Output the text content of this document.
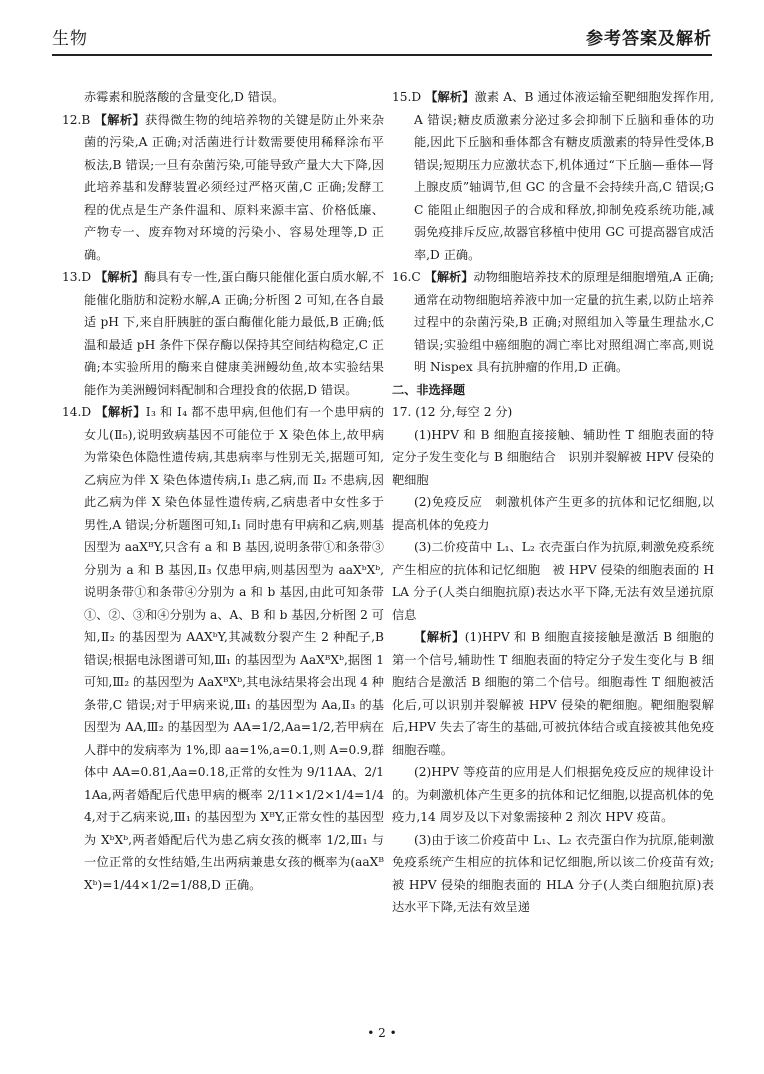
生物	参考答案及解析

赤霉素和脱落酸的含量变化,D 错误。

12.B 【解析】获得微生物的纯培养物的关键是防止外来杂菌的污染,A 正确;对活菌进行计数需要使用稀释涂布平板法,B 错误;一旦有杂菌污染,可能导致产量大大下降,因此培养基和发酵装置必须经过严格灭菌,C 正确;发酵工程的优点是生产条件温和、原料来源丰富、价格低廉、产物专一、废弃物对环境的污染小、容易处理等,D 正确。

13.D 【解析】酶具有专一性,蛋白酶只能催化蛋白质水解,不能催化脂肪和淀粉水解,A 正确;分析图 2 可知,在各自最适 pH 下,来自肝胰脏的蛋白酶催化能力最低,B 正确;低温和最适 pH 条件下保存酶以保持其空间结构稳定,C 正确;本实验所用的酶来自健康美洲鳗幼鱼,故本实验结果能作为美洲鳗饲料配制和合理投食的依据,D 错误。

14.D 【解析】Ⅰ₃ 和 Ⅰ₄ 都不患甲病,但他们有一个患甲病的女儿(Ⅱ₅),说明致病基因不可能位于 X 染色体上,故甲病为常染色体隐性遗传病,其患病率与性别无关,据题可知,乙病应为伴 X 染色体遗传病,Ⅰ₁ 患乙病,而 Ⅱ₂ 不患病,因此乙病为伴 X 染色体显性遗传病,乙病患者中女性多于男性,A 错误;分析题图可知,Ⅰ₁ 同时患有甲病和乙病,则基因型为 aaXᴮY,只含有 a 和 B 基因,说明条带①和条带③分别为 a 和 B 基因,Ⅱ₃ 仅患甲病,则基因型为 aaXᵇXᵇ,说明条带①和条带④分别为 a 和 b 基因,由此可知条带①、②、③和④分别为 a、A、B 和 b 基因,分析图 2 可知,Ⅱ₂ 的基因型为 AAXᵇY,其减数分裂产生 2 种配子,B 错误;根据电泳图谱可知,Ⅲ₁ 的基因型为 AaXᴮXᵇ,据图 1 可知,Ⅲ₂ 的基因型为 AaXᴮXᵇ,其电泳结果将会出现 4 种条带,C 错误;对于甲病来说,Ⅲ₁ 的基因型为 Aa,Ⅱ₃ 的基因型为 AA,Ⅲ₂ 的基因型为 AA=1/2,Aa=1/2,若甲病在人群中的发病率为 1%,即 aa=1%,a=0.1,则 A=0.9,群体中 AA=0.81,Aa=0.18,正常的女性为 9/11AA、2/11Aa,两者婚配后代患甲病的概率 2/11×1/2×1/4=1/44,对于乙病来说,Ⅲ₁ 的基因型为 XᴮY,正常女性的基因型为 XᵇXᵇ,两者婚配后代为患乙病女孩的概率 1/2,Ⅲ₁ 与一位正常的女性结婚,生出两病兼患女孩的概率为(aaXᴮXᵇ)=1/44×1/2=1/88,D 正确。

15.D 【解析】激素 A、B 通过体液运输至靶细胞发挥作用,A 错误;糖皮质激素分泌过多会抑制下丘脑和垂体的功能,因此下丘脑和垂体都含有糖皮质激素的特异性受体,B 错误;短期压力应激状态下,机体通过“下丘脑—垂体—肾上腺皮质”轴调节,但 GC 的含量不会持续升高,C 错误;GC 能阻止细胞因子的合成和释放,抑制免疫系统功能,减弱免疫排斥反应,故器官移植中使用 GC 可提高器官成活率,D 正确。

16.C 【解析】动物细胞培养技术的原理是细胞增殖,A 正确;通常在动物细胞培养液中加一定量的抗生素,以防止培养过程中的杂菌污染,B 正确;对照组加入等量生理盐水,C 错误;实验组中癌细胞的凋亡率比对照组凋亡率高,则说明 Nispex 具有抗肿瘤的作用,D 正确。

二、非选择题

17. (12 分,每空 2 分)

(1)HPV 和 B 细胞直接接触、辅助性 T 细胞表面的特定分子发生变化与 B 细胞结合　识别并裂解被 HPV 侵染的靶细胞

(2)免疫反应　刺激机体产生更多的抗体和记忆细胞,以提高机体的免疫力

(3)二价疫苗中 L₁、L₂ 衣壳蛋白作为抗原,刺激免疫系统产生相应的抗体和记忆细胞　被 HPV 侵染的细胞表面的 HLA 分子(人类白细胞抗原)表达水平下降,无法有效呈递抗原信息

【解析】(1)HPV 和 B 细胞直接接触是激活 B 细胞的第一个信号,辅助性 T 细胞表面的特定分子发生变化与 B 细胞结合是激活 B 细胞的第二个信号。细胞毒性 T 细胞被活化后,可以识别并裂解被 HPV 侵染的靶细胞。靶细胞裂解后,HPV 失去了寄生的基础,可被抗体结合或直接被其他免疫细胞吞噬。

(2)HPV 等疫苗的应用是人们根据免疫反应的规律设计的。为刺激机体产生更多的抗体和记忆细胞,以提高机体的免疫力,14 周岁及以下对象需接种 2 剂次 HPV 疫苗。

(3)由于该二价疫苗中 L₁、L₂ 衣壳蛋白作为抗原,能刺激免疫系统产生相应的抗体和记忆细胞,所以该二价疫苗有效;被 HPV 侵染的细胞表面的 HLA 分子(人类白细胞抗原)表达水平下降,无法有效呈递

• 2 •
